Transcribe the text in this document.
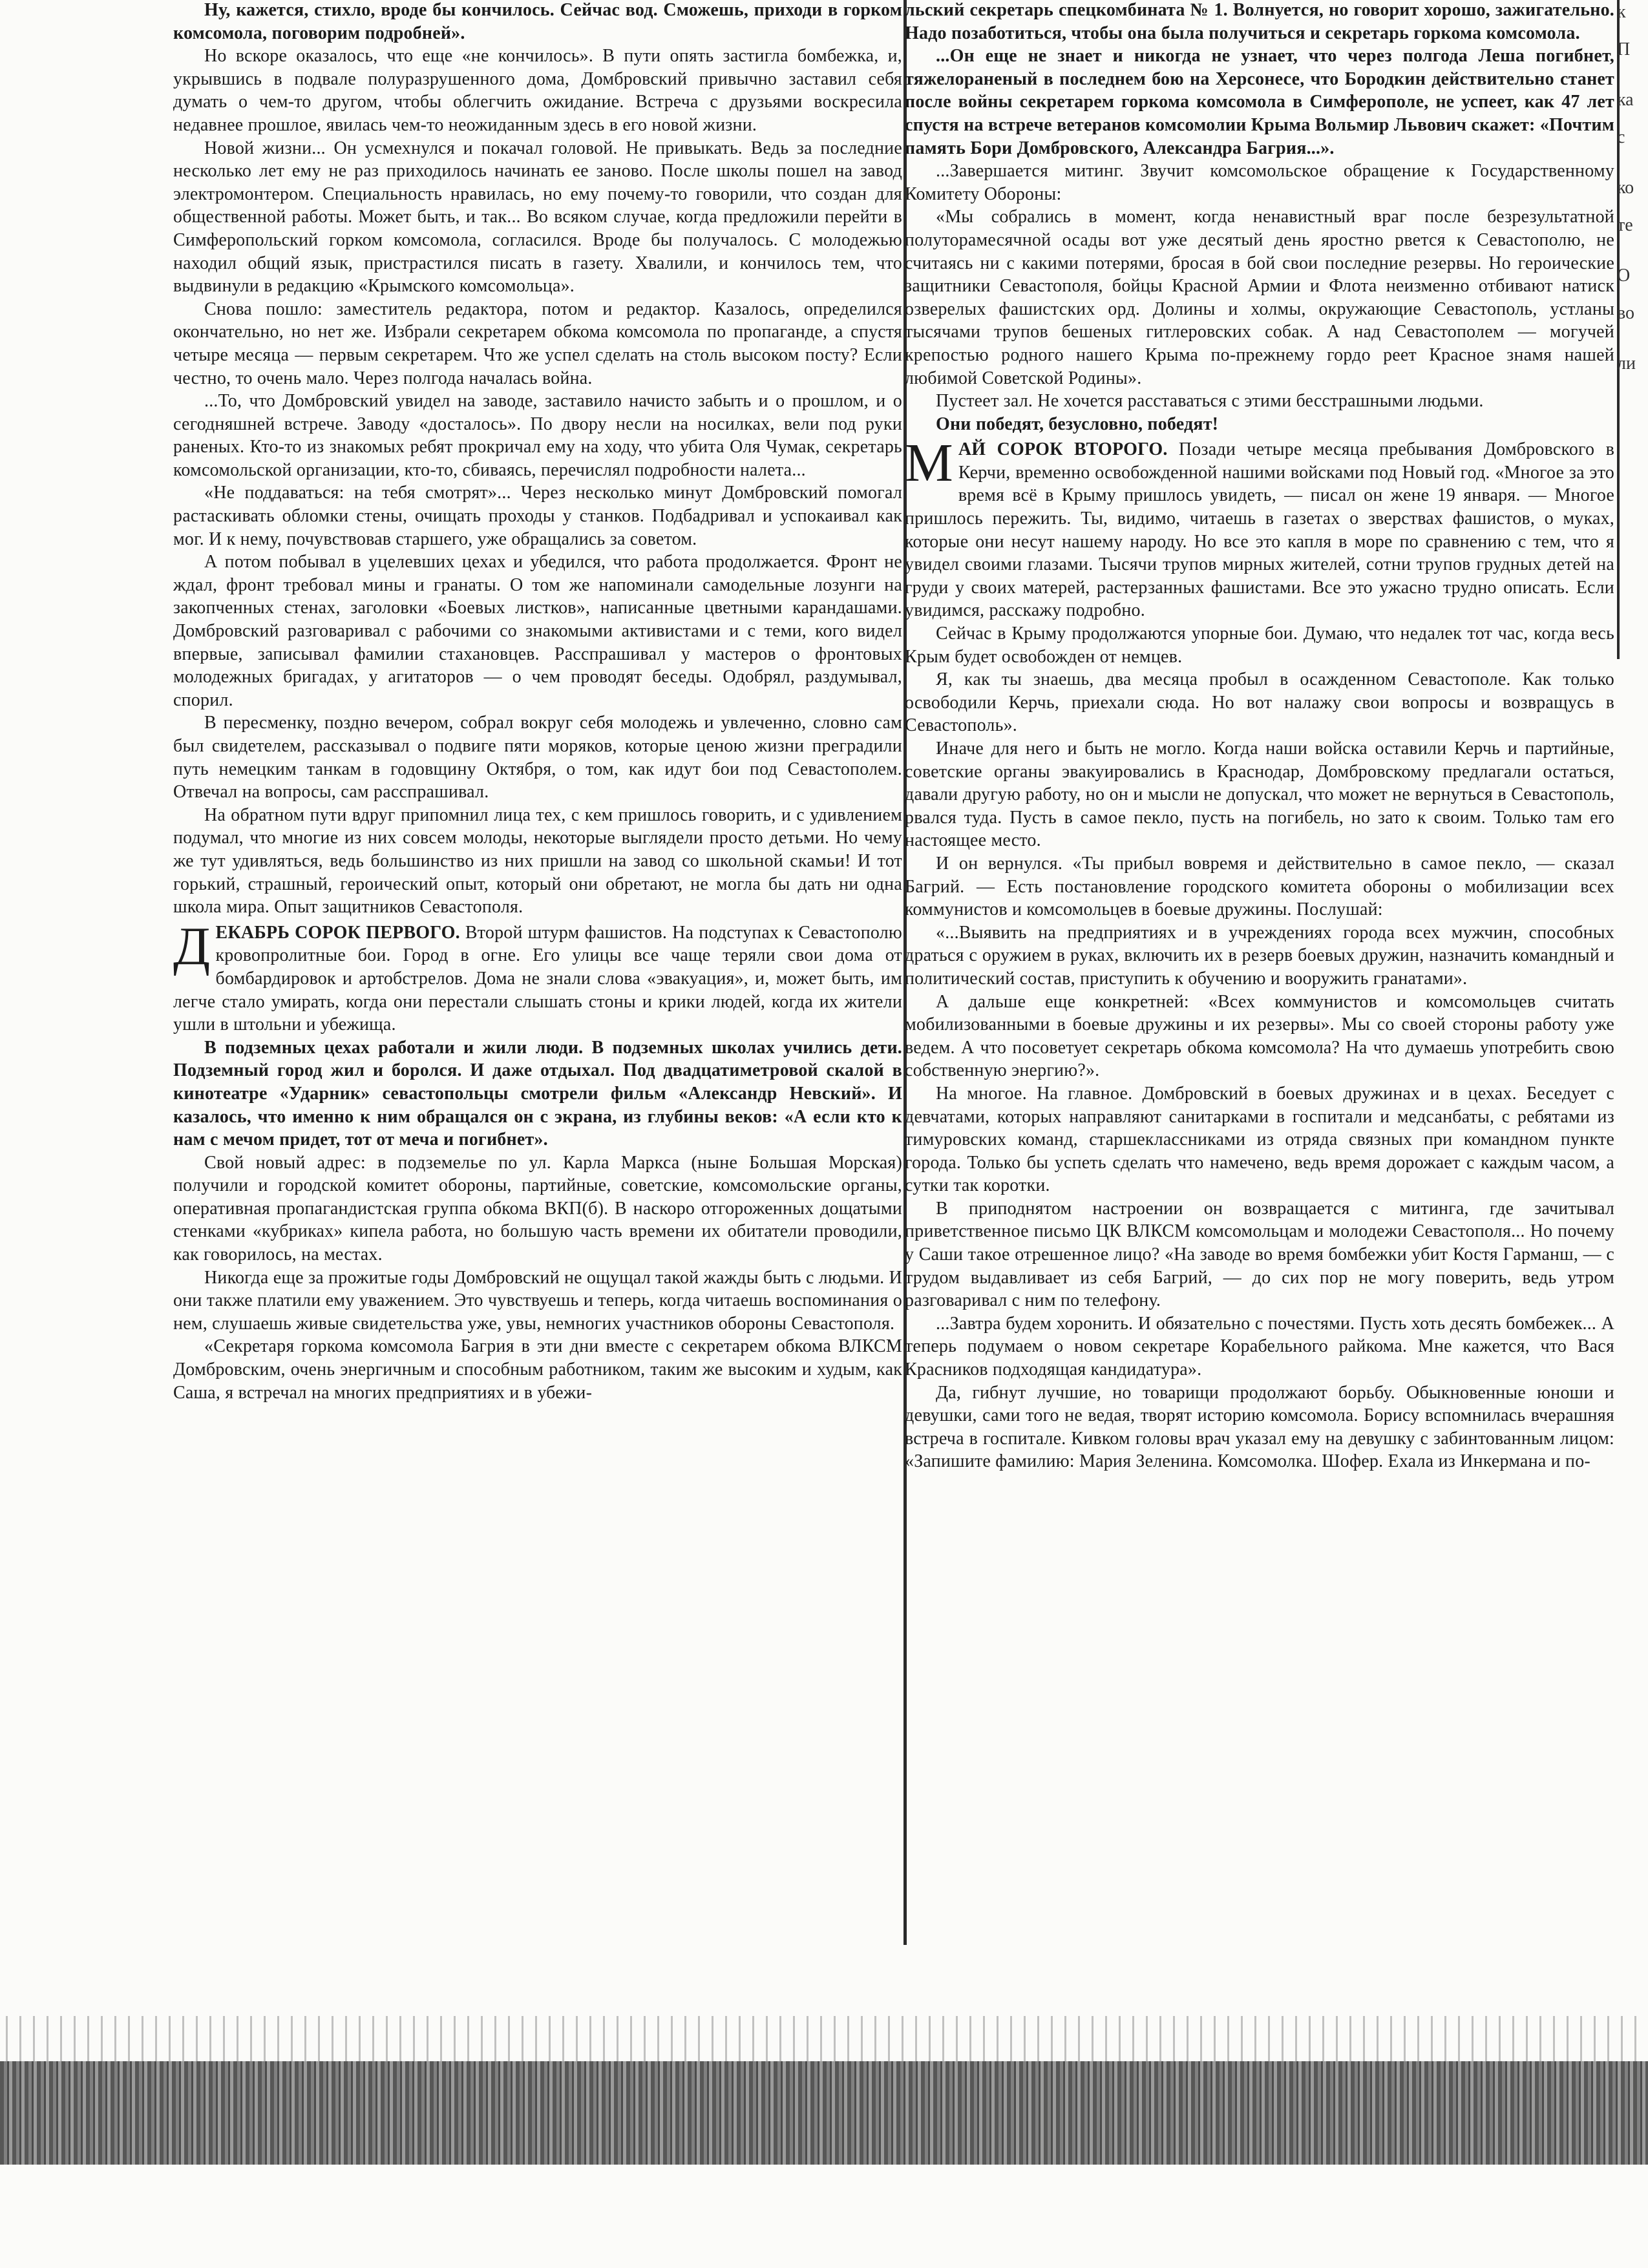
Ну, кажется, стихло, вроде бы кончилось. Сейчас вод. Сможешь, приходи в горком комсомола, поговорим подробней».

Но вскоре оказалось, что еще «не кончилось». В пути опять застигла бомбежка, и, укрывшись в подвале полуразрушенного дома, Домбровский привычно заставил себя думать о чем-то другом, чтобы облегчить ожидание. Встреча с друзьями воскресила недавнее прошлое, явилась чем-то неожиданным здесь в его новой жизни.

Новой жизни... Он усмехнулся и покачал головой. Не привыкать. Ведь за последние несколько лет ему не раз приходилось начинать ее заново. После школы пошел на завод электромонтером. Специальность нравилась, но ему почему-то говорили, что создан для общественной работы. Может быть, и так... Во всяком случае, когда предложили перейти в Симферопольский горком комсомола, согласился. Вроде бы получалось. С молодежью находил общий язык, пристрастился писать в газету. Хвалили, и кончилось тем, что выдвинули в редакцию «Крымского комсомольца».

Снова пошло: заместитель редактора, потом и редактор. Казалось, определился окончательно, но нет же. Избрали секретарем обкома комсомола по пропаганде, а спустя четыре месяца — первым секретарем. Что же успел сделать на столь высоком посту? Если честно, то очень мало. Через полгода началась война.

...То, что Домбровский увидел на заводе, заставило начисто забыть и о прошлом, и о сегодняшней встрече. Заводу «досталось». По двору несли на носилках, вели под руки раненых. Кто-то из знакомых ребят прокричал ему на ходу, что убита Оля Чумак, секретарь комсомольской организации, кто-то, сбиваясь, перечислял подробности налета...

«Не поддаваться: на тебя смотрят»... Через несколько минут Домбровский помогал растаскивать обломки стены, очищать проходы у станков. Подбадривал и успокаивал как мог. И к нему, почувствовав старшего, уже обращались за советом.

А потом побывал в уцелевших цехах и убедился, что работа продолжается. Фронт не ждал, фронт требовал мины и гранаты. О том же напоминали самодельные лозунги на закопченных стенах, заголовки «Боевых листков», написанные цветными карандашами. Домбровский разговаривал с рабочими со знакомыми активистами и с теми, кого видел впервые, записывал фамилии стахановцев. Расспрашивал у мастеров о фронтовых молодежных бригадах, у агитаторов — о чем проводят беседы. Одобрял, раздумывал, спорил.

В пересменку, поздно вечером, собрал вокруг себя молодежь и увлеченно, словно сам был свидетелем, рассказывал о подвиге пяти моряков, которые ценою жизни преградили путь немецким танкам в годовщину Октября, о том, как идут бои под Севастополем. Отвечал на вопросы, сам расспрашивал.

На обратном пути вдруг припомнил лица тех, с кем пришлось говорить, и с удивлением подумал, что многие из них совсем молоды, некоторые выглядели просто детьми. Но чему же тут удивляться, ведь большинство из них пришли на завод со школьной скамьи! И тот горький, страшный, героический опыт, который они обретают, не могла бы дать ни одна школа мира. Опыт защитников Севастополя.

ДЕКАБРЬ СОРОК ПЕРВОГО. Второй штурм фашистов. На подступах к Севастополю кровопролитные бои. Город в огне. Его улицы все чаще теряли свои дома от бомбардировок и артобстрелов. Дома не знали слова «эвакуация», и, может быть, им легче стало умирать, когда они перестали слышать стоны и крики людей, когда их жители ушли в штольни и убежища.

В подземных цехах работали и жили люди. В подземных школах учились дети. Подземный город жил и боролся. И даже отдыхал. Под двадцатиметровой скалой в кинотеатре «Ударник» севастопольцы смотрели фильм «Александр Невский». И казалось, что именно к ним обращался он с экрана, из глубины веков: «А если кто к нам с мечом придет, тот от меча и погибнет».

Свой новый адрес: в подземелье по ул. Карла Маркса (ныне Большая Морская) получили и городской комитет обороны, партийные, советские, комсомольские органы, оперативная пропагандистская группа обкома ВКП(б). В наскоро отгороженных дощатыми стенками «кубриках» кипела работа, но большую часть времени их обитатели проводили, как говорилось, на местах.

Никогда еще за прожитые годы Домбровский не ощущал такой жажды быть с людьми. И они также платили ему уважением. Это чувствуешь и теперь, когда читаешь воспоминания о нем, слушаешь живые свидетельства уже, увы, немногих участников обороны Севастополя.

«Секретаря горкома комсомола Багрия в эти дни вместе с секретарем обкома ВЛКСМ Домбровским, очень энергичным и способным работником, таким же высоким и худым, как Саша, я встречал на многих предприятиях и в убежи-

льский секретарь спецкомбината № 1. Волнуется, но говорит хорошо, зажигательно. Надо позаботиться, чтобы она была получиться и секретарь горкома комсомола.

...Он еще не знает и никогда не узнает, что через полгода Леша погибнет, тяжелораненый в последнем бою на Херсонесе, что Бородкин действительно станет после войны секретарем горкома комсомола в Симферополе, не успеет, как 47 лет спустя на встрече ветеранов комсомолии Крыма Вольмир Львович скажет: «Почтим память Бори Домбровского, Александра Багрия...».

...Завершается митинг. Звучит комсомольское обращение к Государственному Комитету Обороны:

«Мы собрались в момент, когда ненавистный враг после безрезультатной полуторамесячной осады вот уже десятый день яростно рвется к Севастополю, не считаясь ни с какими потерями, бросая в бой свои последние резервы. Но героические защитники Севастополя, бойцы Красной Армии и Флота неизменно отбивают натиск озверелых фашистских орд. Долины и холмы, окружающие Севастополь, устланы тысячами трупов бешеных гитлеровских собак. А над Севастополем — могучей крепостью родного нашего Крыма по-прежнему гордо реет Красное знамя нашей любимой Советской Родины».

Пустеет зал. Не хочется расставаться с этими бесстрашными людьми.

Они победят, безусловно, победят!

МАЙ СОРОК ВТОРОГО. Позади четыре месяца пребывания Домбровского в Керчи, временно освобожденной нашими войсками под Новый год. «Многое за это время всё в Крыму пришлось увидеть, — писал он жене 19 января. — Многое пришлось пережить. Ты, видимо, читаешь в газетах о зверствах фашистов, о муках, которые они несут нашему народу. Но все это капля в море по сравнению с тем, что я увидел своими глазами. Тысячи трупов мирных жителей, сотни трупов грудных детей на груди у своих матерей, растерзанных фашистами. Все это ужасно трудно описать. Если увидимся, расскажу подробно.

Сейчас в Крыму продолжаются упорные бои. Думаю, что недалек тот час, когда весь Крым будет освобожден от немцев.

Я, как ты знаешь, два месяца пробыл в осажденном Севастополе. Как только освободили Керчь, приехали сюда. Но вот налажу свои вопросы и возвращусь в Севастополь».

Иначе для него и быть не могло. Когда наши войска оставили Керчь и партийные, советские органы эвакуировались в Краснодар, Домбровскому предлагали остаться, давали другую работу, но он и мысли не допускал, что может не вернуться в Севастополь, рвался туда. Пусть в самое пекло, пусть на погибель, но зато к своим. Только там его настоящее место.

И он вернулся. «Ты прибыл вовремя и действительно в самое пекло, — сказал Багрий. — Есть постановление городского комитета обороны о мобилизации всех коммунистов и комсомольцев в боевые дружины. Послушай:

«...Выявить на предприятиях и в учреждениях города всех мужчин, способных драться с оружием в руках, включить их в резерв боевых дружин, назначить командный и политический состав, приступить к обучению и вооружить гранатами».

А дальше еще конкретней: «Всех коммунистов и комсомольцев считать мобилизованными в боевые дружины и их резервы». Мы со своей стороны работу уже ведем. А что посоветует секретарь обкома комсомола? На что думаешь употребить свою собственную энергию?».

На многое. На главное. Домбровский в боевых дружинах и в цехах. Беседует с девчатами, которых направляют санитарками в госпитали и медсанбаты, с ребятами из тимуровских команд, старшеклассниками из отряда связных при командном пункте города. Только бы успеть сделать что намечено, ведь время дорожает с каждым часом, а сутки так коротки.

В приподнятом настроении он возвращается с митинга, где зачитывал приветственное письмо ЦК ВЛКСМ комсомольцам и молодежи Севастополя... Но почему у Саши такое отрешенное лицо? «На заводе во время бомбежки убит Костя Гарманш, — с трудом выдавливает из себя Багрий, — до сих пор не могу поверить, ведь утром разговаривал с ним по телефону.

...Завтра будем хоронить. И обязательно с почестями. Пусть хоть десять бомбежек... А теперь подумаем о новом секретаре Корабельного райкома. Мне кажется, что Вася Красников подходящая кандидатура».

Да, гибнут лучшие, но товарищи продолжают борьбу. Обыкновенные юноши и девушки, сами того не ведая, творят историю комсомола. Борису вспомнилась вчерашняя встреча в госпитале. Кивком головы врач указал ему на девушку с забинтованным лицом: «Запишите фамилию: Мария Зеленина. Комсомолка. Шофер. Ехала из Инкермана и по-

к
П
ка
с
ко
те
О
во
ли
